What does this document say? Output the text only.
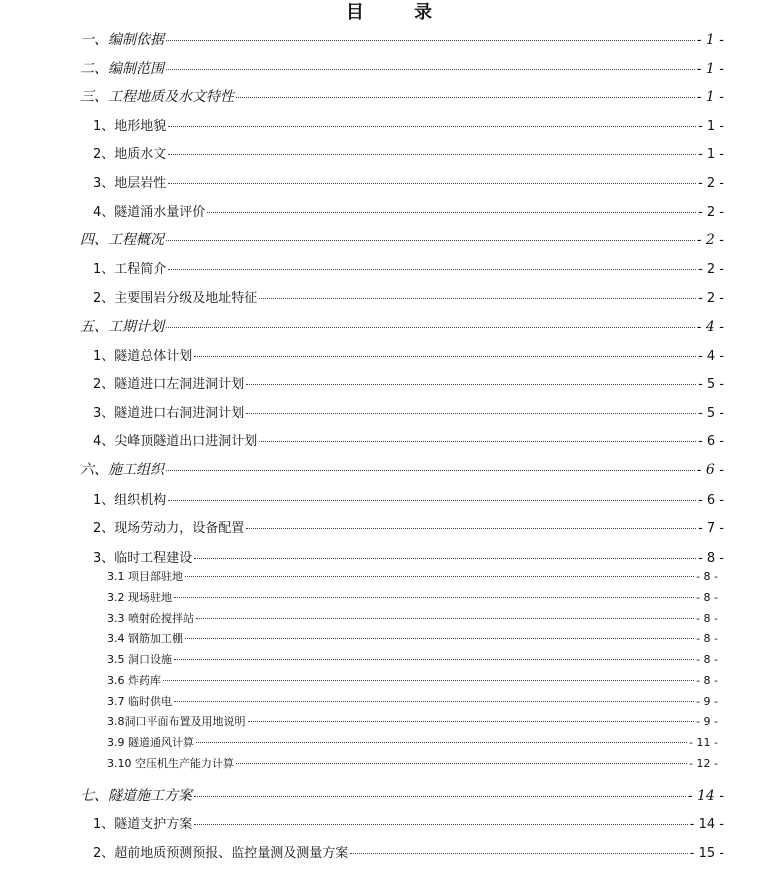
目 录
一、编制依据	- 1 -
二、编制范围	- 1 -
三、工程地质及水文特性	- 1 -
1、地形地貌	- 1 -
2、地质水文	- 1 -
3、地层岩性	- 2 -
4、隧道涌水量评价	- 2 -
四、工程概况	- 2 -
1、工程简介	- 2 -
2、主要围岩分级及地址特征	- 2 -
五、工期计划	- 4 -
1、隧道总体计划	- 4 -
2、隧道进口左洞进洞计划	- 5 -
3、隧道进口右洞进洞计划	- 5 -
4、尖峰顶隧道出口进洞计划	- 6 -
六、施工组织	- 6 -
1、组织机构	- 6 -
2、现场劳动力，设备配置	- 7 -
3、临时工程建设	- 8 -
3.1 项目部驻地	- 8 -
3.2 现场驻地	- 8 -
3.3 喷射砼搅拌站	- 8 -
3.4 钢筋加工棚	- 8 -
3.5 洞口设施	- 8 -
3.6 炸药库	- 8 -
3.7 临时供电	- 9 -
3.8洞口平面布置及用地说明	- 9 -
3.9 隧道通风计算	- 11 -
3.10 空压机生产能力计算	- 12 -
七、隧道施工方案	- 14 -
1、隧道支护方案	- 14 -
2、超前地质预测预报、监控量测及测量方案	- 15 -
